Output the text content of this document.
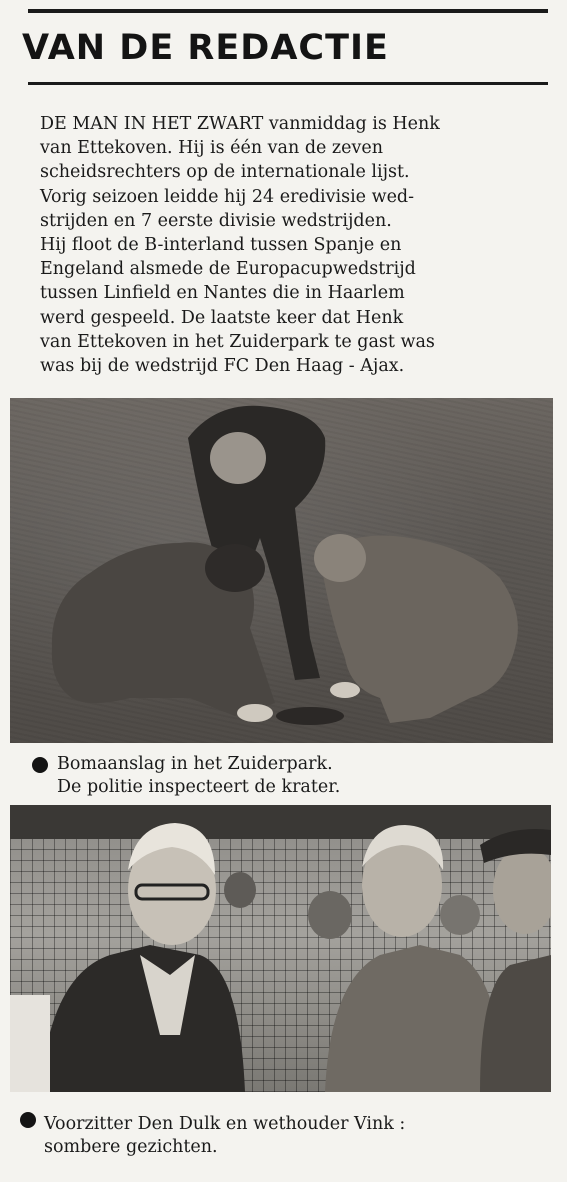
VAN DE REDACTIE

DE MAN IN HET ZWART vanmiddag is Henk
van Ettekoven. Hij is één van de zeven
scheidsrechters op de internationale lijst.
Vorig seizoen leidde hij 24 eredivisie wed-
strijden en 7 eerste divisie wedstrijden.
Hij floot de B-interland tussen Spanje en
Engeland alsmede de Europacupwedstrijd
tussen Linfield en Nantes die in Haarlem
werd gespeeld. De laatste keer dat Henk
van Ettekoven in het Zuiderpark te gast was
was bij de wedstrijd FC Den Haag - Ajax.

Bomaanslag in het Zuiderpark.
De politie inspecteert de krater.

Voorzitter Den Dulk en wethouder Vink :
sombere gezichten.
